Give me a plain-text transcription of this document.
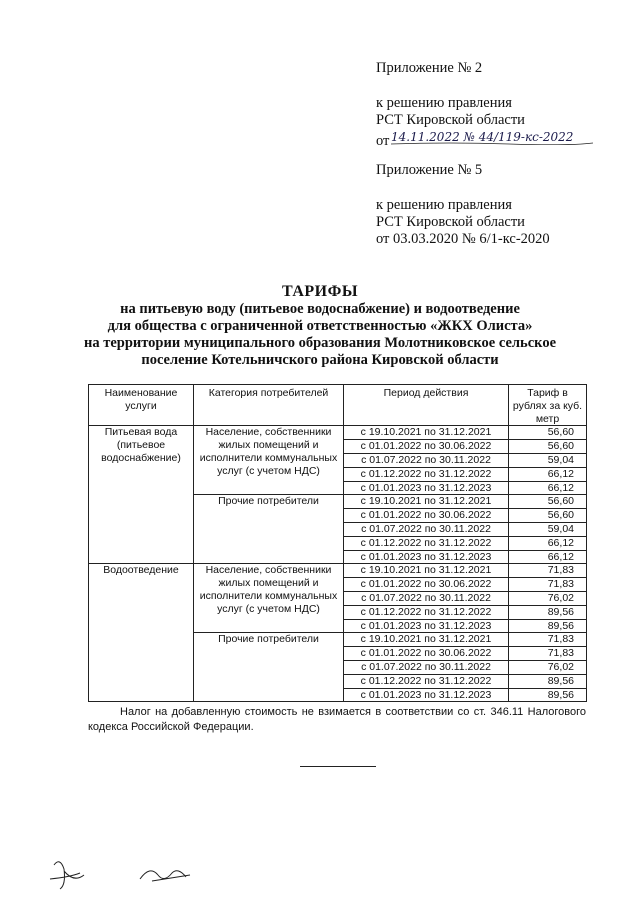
Приложение № 2
к решению правления
РСТ Кировской области
от 14.11.2022 № 44/119-кс-2022
Приложение № 5
к решению правления
РСТ Кировской области
от 03.03.2020 № 6/1-кс-2020
ТАРИФЫ
на питьевую воду (питьевое водоснабжение) и водоотведение
для общества с ограниченной ответственностью «ЖКХ Олиста»
на территории муниципального образования Молотниковское сельское
поселение Котельничского района Кировской области
Наименование услуги	Категория потребителей	Период действия	Тариф в рублях за куб. метр
Питьевая вода (питьевое водоснабжение)	Население, собственники жилых помещений и исполнители коммунальных услуг (с учетом НДС)	с 19.10.2021 по 31.12.2021	56,60
		с 01.01.2022 по 30.06.2022	56,60
		с 01.07.2022 по 30.11.2022	59,04
		с 01.12.2022 по 31.12.2022	66,12
		с 01.01.2023 по 31.12.2023	66,12
	Прочие потребители	с 19.10.2021 по 31.12.2021	56,60
		с 01.01.2022 по 30.06.2022	56,60
		с 01.07.2022 по 30.11.2022	59,04
		с 01.12.2022 по 31.12.2022	66,12
		с 01.01.2023 по 31.12.2023	66,12
Водоотведение	Население, собственники жилых помещений и исполнители коммунальных услуг (с учетом НДС)	с 19.10.2021 по 31.12.2021	71,83
		с 01.01.2022 по 30.06.2022	71,83
		с 01.07.2022 по 30.11.2022	76,02
		с 01.12.2022 по 31.12.2022	89,56
		с 01.01.2023 по 31.12.2023	89,56
	Прочие потребители	с 19.10.2021 по 31.12.2021	71,83
		с 01.01.2022 по 30.06.2022	71,83
		с 01.07.2022 по 30.11.2022	76,02
		с 01.12.2022 по 31.12.2022	89,56
		с 01.01.2023 по 31.12.2023	89,56
Налог на добавленную стоимость не взимается в соответствии со ст. 346.11 Налогового кодекса Российской Федерации.
